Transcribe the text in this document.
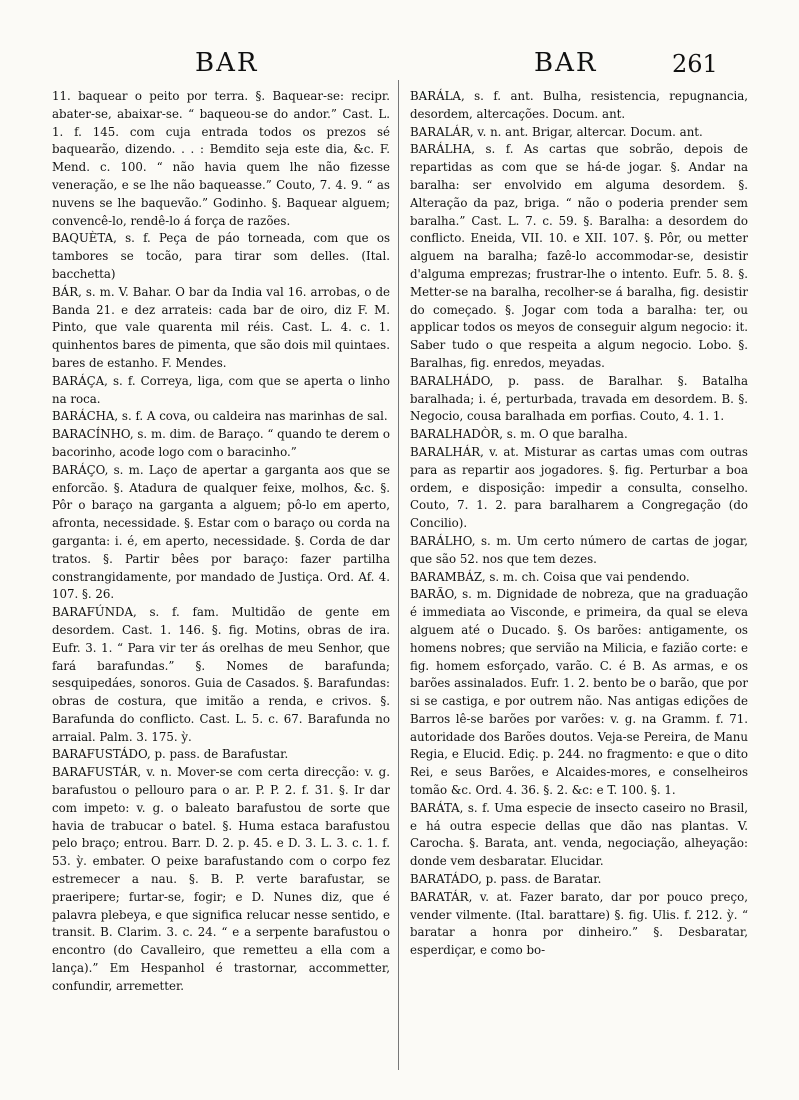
BAR	BAR	261

11. baquear o peito por terra. §. Baquear-se: recipr. abater-se, abaixar-se. “ baqueou-se do andor.” Cast. L. 1. f. 145. com cuja entrada todos os prezos sé baquearão, dizendo. . . : Bemdito seja este dia, &c. F. Mend. c. 100. “ não havia quem lhe não fizesse veneração, e se lhe não baqueasse.” Couto, 7. 4. 9. “ as nuvens se lhe baquevão.” Godinho. §. Baquear alguem; convencê-lo, rendê-lo á força de razões.

BAQUÈTA, s. f. Peça de páo torneada, com que os tambores se tocão, para tirar som delles. (Ital. bacchetta)

BÁR, s. m. V. Bahar. O bar da India val 16. arrobas, o de Banda 21. e dez arrateis: cada bar de oiro, diz F. M. Pinto, que vale quarenta mil réis. Cast. L. 4. c. 1. quinhentos bares de pimenta, que são dois mil quintaes. bares de estanho. F. Mendes.

BARÁÇA, s. f. Correya, liga, com que se aperta o linho na roca.

BARÁCHA, s. f. A cova, ou caldeira nas marinhas de sal.

BARACÍNHO, s. m. dim. de Baraço. “ quando te derem o bacorinho, acode logo com o baracinho.”

BARÁÇO, s. m. Laço de apertar a garganta aos que se enforcão. §. Atadura de qualquer feixe, molhos, &c. §. Pôr o baraço na garganta a alguem; pô-lo em aperto, afronta, necessidade. §. Estar com o baraço ou corda na garganta: i. é, em aperto, necessidade. §. Corda de dar tratos. §. Partir bêes por baraço: fazer partilha constrangidamente, por mandado de Justiça. Ord. Af. 4. 107. §. 26.

BARAFÚNDA, s. f. fam. Multidão de gente em desordem. Cast. 1. 146. §. fig. Motins, obras de ira. Eufr. 3. 1. “ Para vir ter ás orelhas de meu Senhor, que fará barafundas.” §. Nomes de barafunda; sesquipedáes, sonoros. Guia de Casados. §. Barafundas: obras de costura, que imitão a renda, e crivos. §. Barafunda do conflicto. Cast. L. 5. c. 67. Barafunda no arraial. Palm. 3. 175. ỳ.

BARAFUSTÁDO, p. pass. de Barafustar.

BARAFUSTÁR, v. n. Mover-se com certa direcção: v. g. barafustou o pellouro para o ar. P. P. 2. f. 31. §. Ir dar com impeto: v. g. o baleato barafustou de sorte que havia de trabucar o batel. §. Huma estaca barafustou pelo braço; entrou. Barr. D. 2. p. 45. e D. 3. L. 3. c. 1. f. 53. ỳ. embater. O peixe barafustando com o corpo fez estremecer a nau. §. B. P. verte barafustar, se praeripere; furtar-se, fogir; e D. Nunes diz, que é palavra plebeya, e que significa relucar nesse sentido, e transit. B. Clarim. 3. c. 24. “ e a serpente barafustou o encontro (do Cavalleiro, que remetteu a ella com a lança).” Em Hespanhol é trastornar, accommetter, confundir, arremetter.

BARÁLA, s. f. ant. Bulha, resistencia, repugnancia, desordem, altercações. Docum. ant.

BARALÁR, v. n. ant. Brigar, altercar. Docum. ant.

BARÁLHA, s. f. As cartas que sobrão, depois de repartidas as com que se há-de jogar. §. Andar na baralha: ser envolvido em alguma desordem. §. Alteração da paz, briga. “ não o poderia prender sem baralha.” Cast. L. 7. c. 59. §. Baralha: a desordem do conflicto. Eneida, VII. 10. e XII. 107. §. Pôr, ou metter alguem na baralha; fazê-lo accommodar-se, desistir d'alguma emprezas; frustrar-lhe o intento. Eufr. 5. 8. §. Metter-se na baralha, recolher-se á baralha, fig. desistir do começado. §. Jogar com toda a baralha: ter, ou applicar todos os meyos de conseguir algum negocio: it. Saber tudo o que respeita a algum negocio. Lobo. §. Baralhas, fig. enredos, meyadas.

BARALHÁDO, p. pass. de Baralhar. §. Batalha baralhada; i. é, perturbada, travada em desordem. B. §. Negocio, cousa baralhada em porfias. Couto, 4. 1. 1.

BARALHADÒR, s. m. O que baralha.

BARALHÁR, v. at. Misturar as cartas umas com outras para as repartir aos jogadores. §. fig. Perturbar a boa ordem, e disposição: impedir a consulta, conselho. Couto, 7. 1. 2. para baralharem a Congregação (do Concilio).

BARÁLHO, s. m. Um certo número de cartas de jogar, que são 52. nos que tem dezes.

BARAMBÁZ, s. m. ch. Coisa que vai pendendo.

BARÃO, s. m. Dignidade de nobreza, que na graduação é immediata ao Visconde, e primeira, da qual se eleva alguem até o Ducado. §. Os barões: antigamente, os homens nobres; que servião na Milicia, e fazião corte: e fig. homem esforçado, varão. C. é B. As armas, e os barões assinalados. Eufr. 1. 2. bento be o barão, que por si se castiga, e por outrem não. Nas antigas edições de Barros lê-se barões por varões: v. g. na Gramm. f. 71. autoridade dos Barões doutos. Veja-se Pereira, de Manu Regia, e Elucid. Ediç. p. 244. no fragmento: e que o dito Rei, e seus Barões, e Alcaides-mores, e conselheiros tomão &c. Ord. 4. 36. §. 2. &c: e T. 100. §. 1.

BARÁTA, s. f. Uma especie de insecto caseiro no Brasil, e há outra especie dellas que dão nas plantas. V. Carocha. §. Barata, ant. venda, negociação, alheyação: donde vem desbaratar. Elucidar.

BARATÁDO, p. pass. de Baratar.

BARATÁR, v. at. Fazer barato, dar por pouco preço, vender vilmente. (Ital. barattare) §. fig. Ulis. f. 212. ỳ. “ baratar a honra por dinheiro.” §. Desbaratar, esperdiçar, e como bo-
